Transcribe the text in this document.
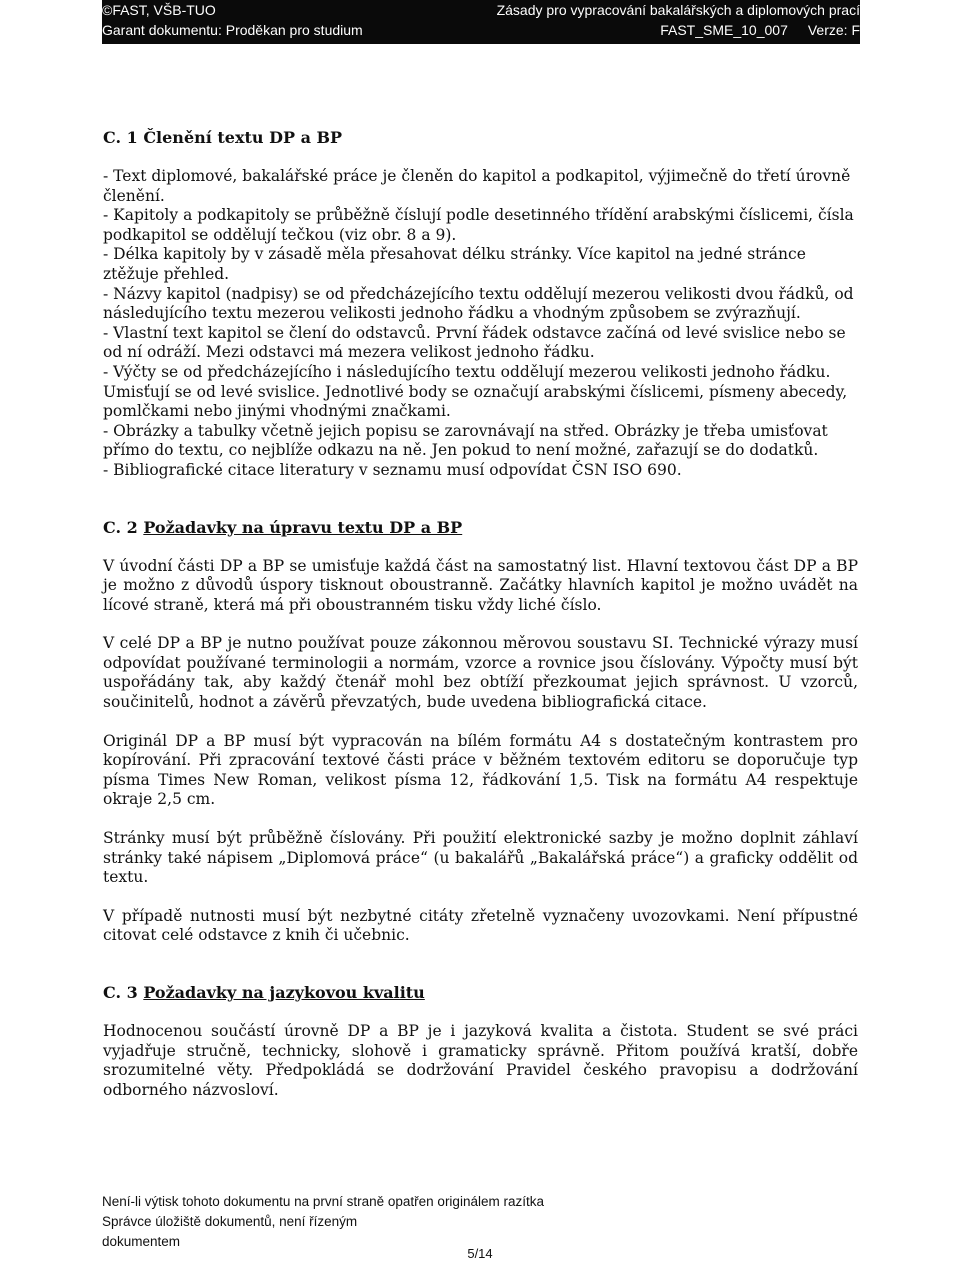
©FAST, VŠB-TUO	Zásady pro vypracování bakalářských a diplomových prací
Garant dokumentu: Proděkan pro studium	FAST_SME_10_007 Verze: F
C. 1 Členění textu DP a BP
- Text diplomové, bakalářské práce je členěn do kapitol a podkapitol, výjimečně do třetí úrovně členění.
- Kapitoly a podkapitoly se průběžně číslují podle desetinného třídění arabskými číslicemi, čísla podkapitol se oddělují tečkou (viz obr. 8 a 9).
- Délka kapitoly by v zásadě měla přesahovat délku stránky. Více kapitol na jedné stránce ztěžuje přehled.
- Názvy kapitol (nadpisy) se od předcházejícího textu oddělují mezerou velikosti dvou řádků, od následujícího textu mezerou velikosti jednoho řádku a vhodným způsobem se zvýrazňují.
- Vlastní text kapitol se člení do odstavců. První řádek odstavce začíná od levé svislice nebo se od ní odráží. Mezi odstavci má mezera velikost jednoho řádku.
- Výčty se od předcházejícího i následujícího textu oddělují mezerou velikosti jednoho řádku. Umisťují se od levé svislice. Jednotlivé body se označují arabskými číslicemi, písmeny abecedy, pomlčkami nebo jinými vhodnými značkami.
- Obrázky a tabulky včetně jejich popisu se zarovnávají na střed. Obrázky je třeba umisťovat přímo do textu, co nejblíže odkazu na ně. Jen pokud to není možné, zařazují se do dodatků.
- Bibliografické citace literatury v seznamu musí odpovídat ČSN ISO 690.
C. 2 Požadavky na úpravu textu DP a BP

V úvodní části DP a BP se umisťuje každá část na samostatný list. Hlavní textovou část DP a BP je možno z důvodů úspory tisknout oboustranně. Začátky hlavních kapitol je možno uvádět na lícové straně, která má při oboustranném tisku vždy liché číslo.

V celé DP a BP je nutno používat pouze zákonnou měrovou soustavu SI. Technické výrazy musí odpovídat používané terminologii a normám, vzorce a rovnice jsou číslovány. Výpočty musí být uspořádány tak, aby každý čtenář mohl bez obtíží přezkoumat jejich správnost. U vzorců, součinitelů, hodnot a závěrů převzatých, bude uvedena bibliografická citace.

Originál DP a BP musí být vypracován na bílém formátu A4 s dostatečným kontrastem pro kopírování. Při zpracování textové části práce v běžném textovém editoru se doporučuje typ písma Times New Roman, velikost písma 12, řádkování 1,5. Tisk na formátu A4 respektuje okraje 2,5 cm.

Stránky musí být průběžně číslovány. Při použití elektronické sazby je možno doplnit záhlaví stránky také nápisem „Diplomová práce“ (u bakalářů „Bakalářská práce“) a graficky oddělit od textu.

V případě nutnosti musí být nezbytné citáty zřetelně vyznačeny uvozovkami. Není přípustné citovat celé odstavce z knih či učebnic.

C. 3 Požadavky na jazykovou kvalitu

Hodnocenou součástí úrovně DP a BP je i jazyková kvalita a čistota. Student se své práci vyjadřuje stručně, technicky, slohově i gramaticky správně. Přitom používá kratší, dobře srozumitelné věty. Předpokládá se dodržování Pravidel českého pravopisu a dodržování odborného názvosloví.

Není-li výtisk tohoto dokumentu na první straně opatřen originálem razítka
Správce úložiště dokumentů, není řízeným
dokumentem
5/14
